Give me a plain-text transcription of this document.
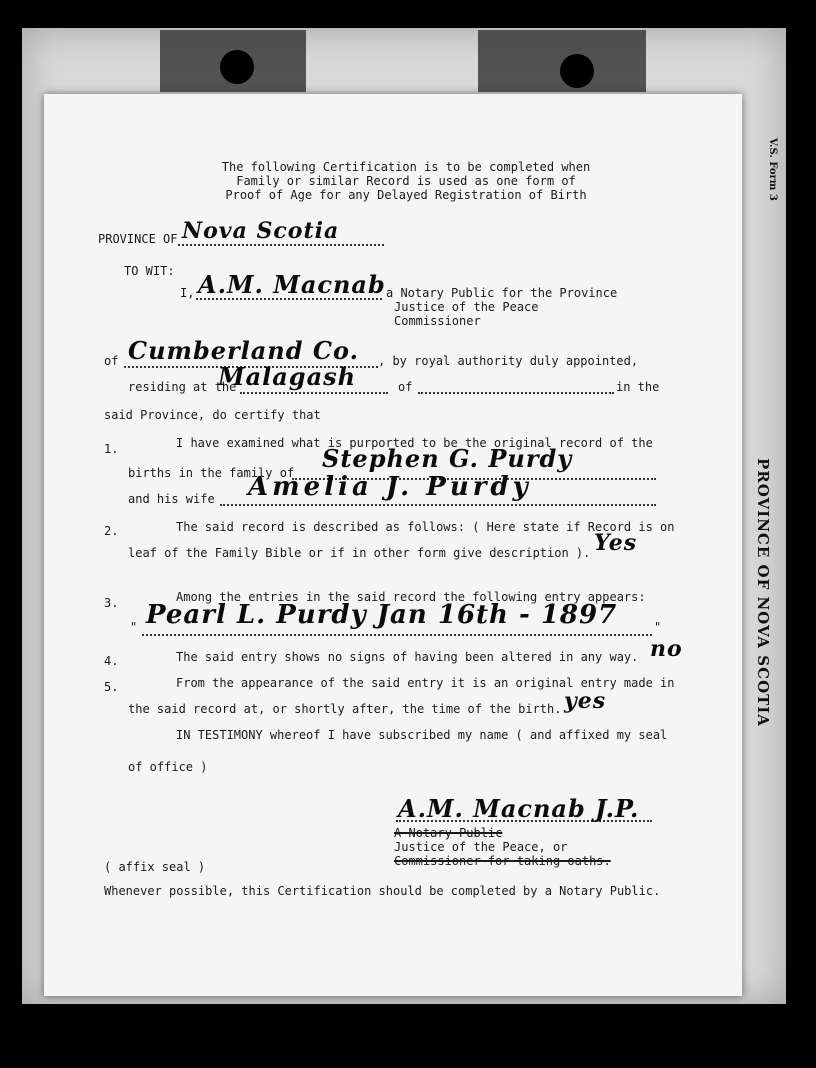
V.S. Form 3
PROVINCE OF NOVA SCOTIA
The following Certification is to be completed when
Family or similar Record is used as one form of
Proof of Age for any Delayed Registration of Birth
PROVINCE OF Nova Scotia
TO WIT:
I, A.M. Macnab a Notary Public for the Province
Justice of the Peace
Commissioner
of Cumberland Co. , by royal authority duly appointed,
residing at the
Malagash	of	in the
said Province, do certify that
1.	I have examined what is purported to be the original record of the
births in the family of Stephen G. Purdy
and his wife Amelia J. Purdy
2.	The said record is described as follows: ( Here state if Record is on
leaf of the Family Bible or if in other form give description ). Yes
3.	Among the entries in the said record the following entry appears:
" Pearl L. Purdy Jan 16th - 1897	"
4.	The said entry shows no signs of having been altered in any way. no
5.	From the appearance of the said entry it is an original entry made in
the said record at, or shortly after, the time of the birth. yes
IN TESTIMONY whereof I have subscribed my name ( and affixed my seal
of office )
A.M. Macnab J.P.
A Notary Public
Justice of the Peace, or
Commissioner for taking oaths.
( affix seal )
Whenever possible, this Certification should be completed by a Notary Public.
